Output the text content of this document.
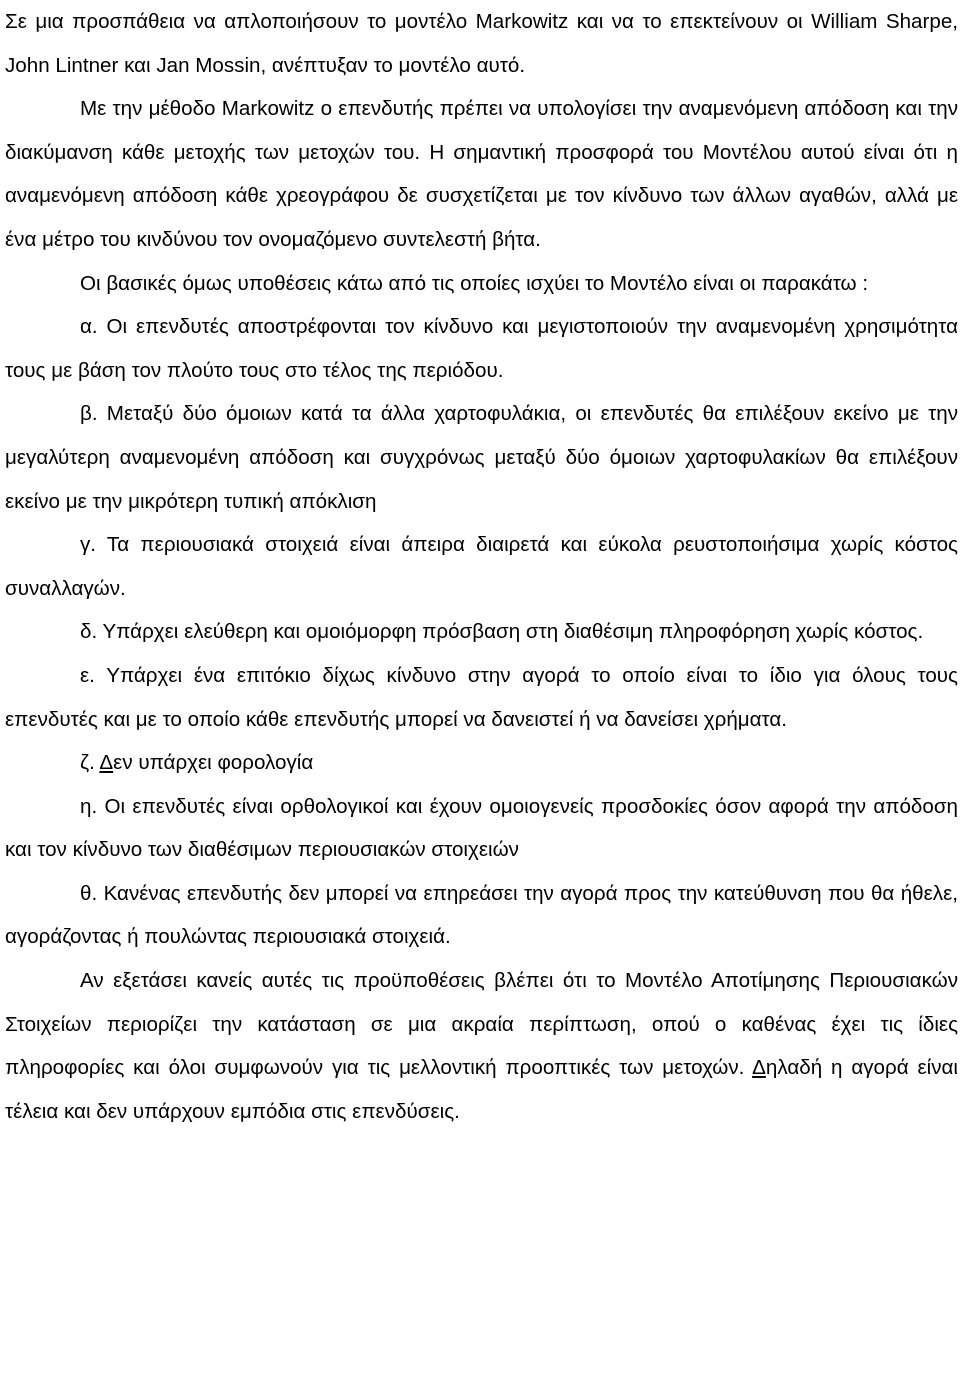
Σε μια προσπάθεια να απλοποιήσουν το μοντέλο Markowitz και να το επεκτείνουν οι William Sharpe, John Lintner και Jan Mossin, ανέπτυξαν το μοντέλο αυτό.

Με την μέθοδο Markowitz ο επενδυτής πρέπει να υπολογίσει την αναμενόμενη απόδοση και την διακύμανση κάθε μετοχής των μετοχών του. Η σημαντική προσφορά του Μοντέλου αυτού είναι ότι η αναμενόμενη απόδοση κάθε χρεογράφου δε συσχετίζεται με τον κίνδυνο των άλλων αγαθών, αλλά με ένα μέτρο του κινδύνου τον ονομαζόμενο συντελεστή βήτα.

Οι βασικές όμως υποθέσεις κάτω από τις οποίες ισχύει το Μοντέλο είναι οι παρακάτω :

α. Οι επενδυτές αποστρέφονται τον κίνδυνο και μεγιστοποιούν την αναμενομένη χρησιμότητα τους με βάση τον πλούτο τους στο τέλος της περιόδου.

β. Μεταξύ δύο όμοιων κατά τα άλλα χαρτοφυλάκια, οι επενδυτές θα επιλέξουν εκείνο με την μεγαλύτερη αναμενομένη απόδοση και συγχρόνως μεταξύ δύο όμοιων χαρτοφυλακίων θα επιλέξουν εκείνο με την μικρότερη τυπική απόκλιση

γ. Τα περιουσιακά στοιχειά είναι άπειρα διαιρετά και εύκολα ρευστοποιήσιμα χωρίς κόστος συναλλαγών.

δ. Υπάρχει ελεύθερη και ομοιόμορφη πρόσβαση στη διαθέσιμη πληροφόρηση χωρίς κόστος.

ε. Υπάρχει ένα επιτόκιο δίχως κίνδυνο στην αγορά το οποίο είναι το ίδιο για όλους τους επενδυτές και με το οποίο κάθε επενδυτής μπορεί να δανειστεί ή να δανείσει χρήματα.

ζ. Δεν υπάρχει φορολογία

η. Οι επενδυτές είναι ορθολογικοί και έχουν ομοιογενείς προσδοκίες όσον αφορά την απόδοση και τον κίνδυνο των διαθέσιμων περιουσιακών στοιχειών

θ. Κανένας επενδυτής δεν μπορεί να επηρεάσει την αγορά προς την κατεύθυνση που θα ήθελε, αγοράζοντας ή πουλώντας περιουσιακά στοιχειά.

Αν εξετάσει κανείς αυτές τις προϋποθέσεις βλέπει ότι το Μοντέλο Αποτίμησης Περιουσιακών Στοιχείων περιορίζει την κατάσταση σε μια ακραία περίπτωση, οπού ο καθένας έχει τις ίδιες πληροφορίες και όλοι συμφωνούν για τις μελλοντική προοπτικές των μετοχών. Δηλαδή η αγορά είναι τέλεια και δεν υπάρχουν εμπόδια στις επενδύσεις.
